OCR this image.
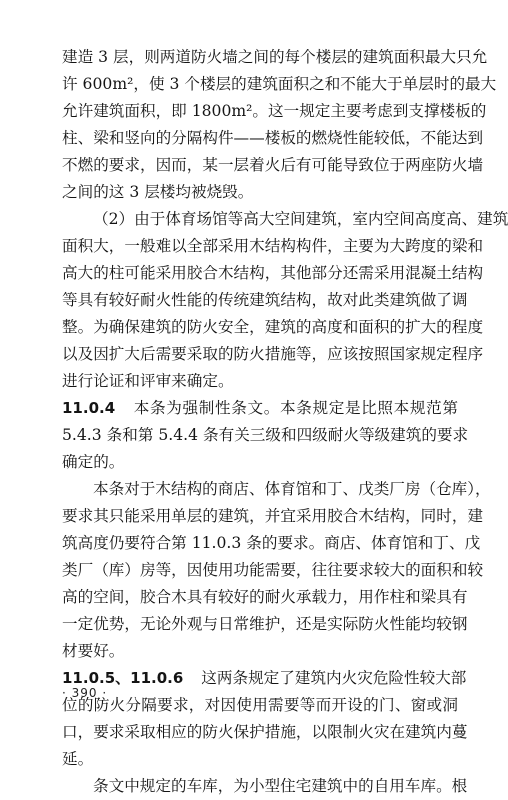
建造 3 层，则两道防火墙之间的每个楼层的建筑面积最大只允
许 600m²，使 3 个楼层的建筑面积之和不能大于单层时的最大
允许建筑面积，即 1800m²。这一规定主要考虑到支撑楼板的
柱、梁和竖向的分隔构件——楼板的燃烧性能较低，不能达到
不燃的要求，因而，某一层着火后有可能导致位于两座防火墙
之间的这 3 层楼均被烧毁。
（2）由于体育场馆等高大空间建筑，室内空间高度高、建筑
面积大，一般难以全部采用木结构构件，主要为大跨度的梁和
高大的柱可能采用胶合木结构，其他部分还需采用混凝土结构
等具有较好耐火性能的传统建筑结构，故对此类建筑做了调
整。为确保建筑的防火安全，建筑的高度和面积的扩大的程度
以及因扩大后需要采取的防火措施等，应该按照国家规定程序
进行论证和评审来确定。
11.0.4 本条为强制性条文。本条规定是比照本规范第
5.4.3 条和第 5.4.4 条有关三级和四级耐火等级建筑的要求
确定的。
本条对于木结构的商店、体育馆和丁、戊类厂房（仓库），
要求其只能采用单层的建筑，并宜采用胶合木结构，同时，建
筑高度仍要符合第 11.0.3 条的要求。商店、体育馆和丁、戊
类厂（库）房等，因使用功能需要，往往要求较大的面积和较
高的空间，胶合木具有较好的耐火承载力，用作柱和梁具有
一定优势，无论外观与日常维护，还是实际防火性能均较钢
材要好。
11.0.5、11.0.6 这两条规定了建筑内火灾危险性较大部
位的防火分隔要求，对因使用需要等而开设的门、窗或洞
口，要求采取相应的防火保护措施，以限制火灾在建筑内蔓
延。
条文中规定的车库，为小型住宅建筑中的自用车库。根
· 390 ·
